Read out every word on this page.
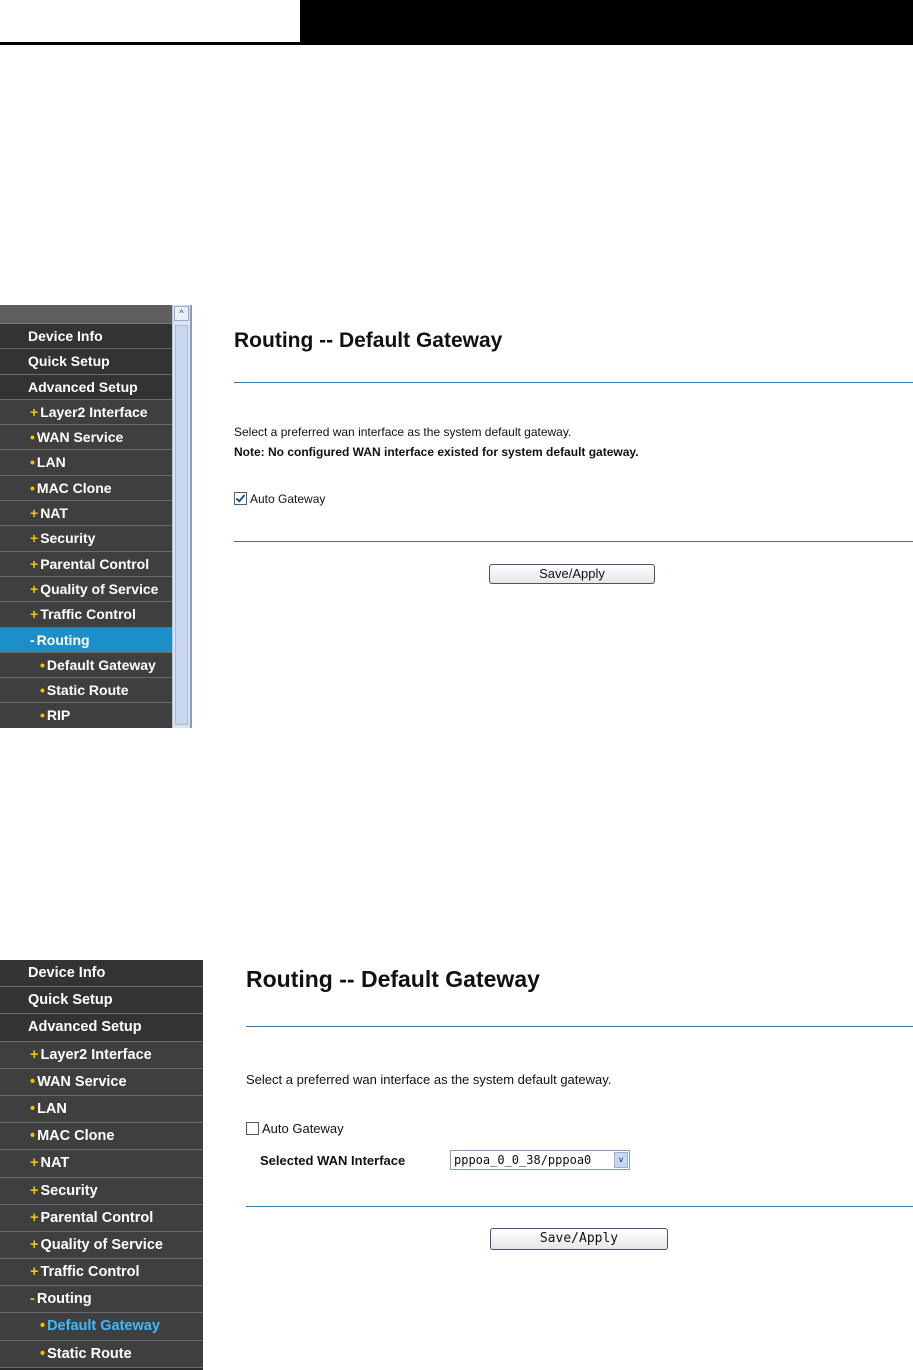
Device Info
Quick Setup
Advanced Setup
+ Layer2 Interface
• WAN Service
• LAN
• MAC Clone
+ NAT
+ Security
+ Parental Control
+ Quality of Service
+ Traffic Control
- Routing
• Default Gateway
• Static Route
• RIP
^
Routing -- Default Gateway
Select a preferred wan interface as the system default gateway.
Note: No configured WAN interface existed for system default gateway.
Auto Gateway
Save/Apply
Device Info
Quick Setup
Advanced Setup
+ Layer2 Interface
• WAN Service
• LAN
• MAC Clone
+ NAT
+ Security
+ Parental Control
+ Quality of Service
+ Traffic Control
- Routing
• Default Gateway
• Static Route
Routing -- Default Gateway
Select a preferred wan interface as the system default gateway.
Auto Gateway
Selected WAN Interface	pppoa_0_0_38/pppoa0	v
Save/Apply
